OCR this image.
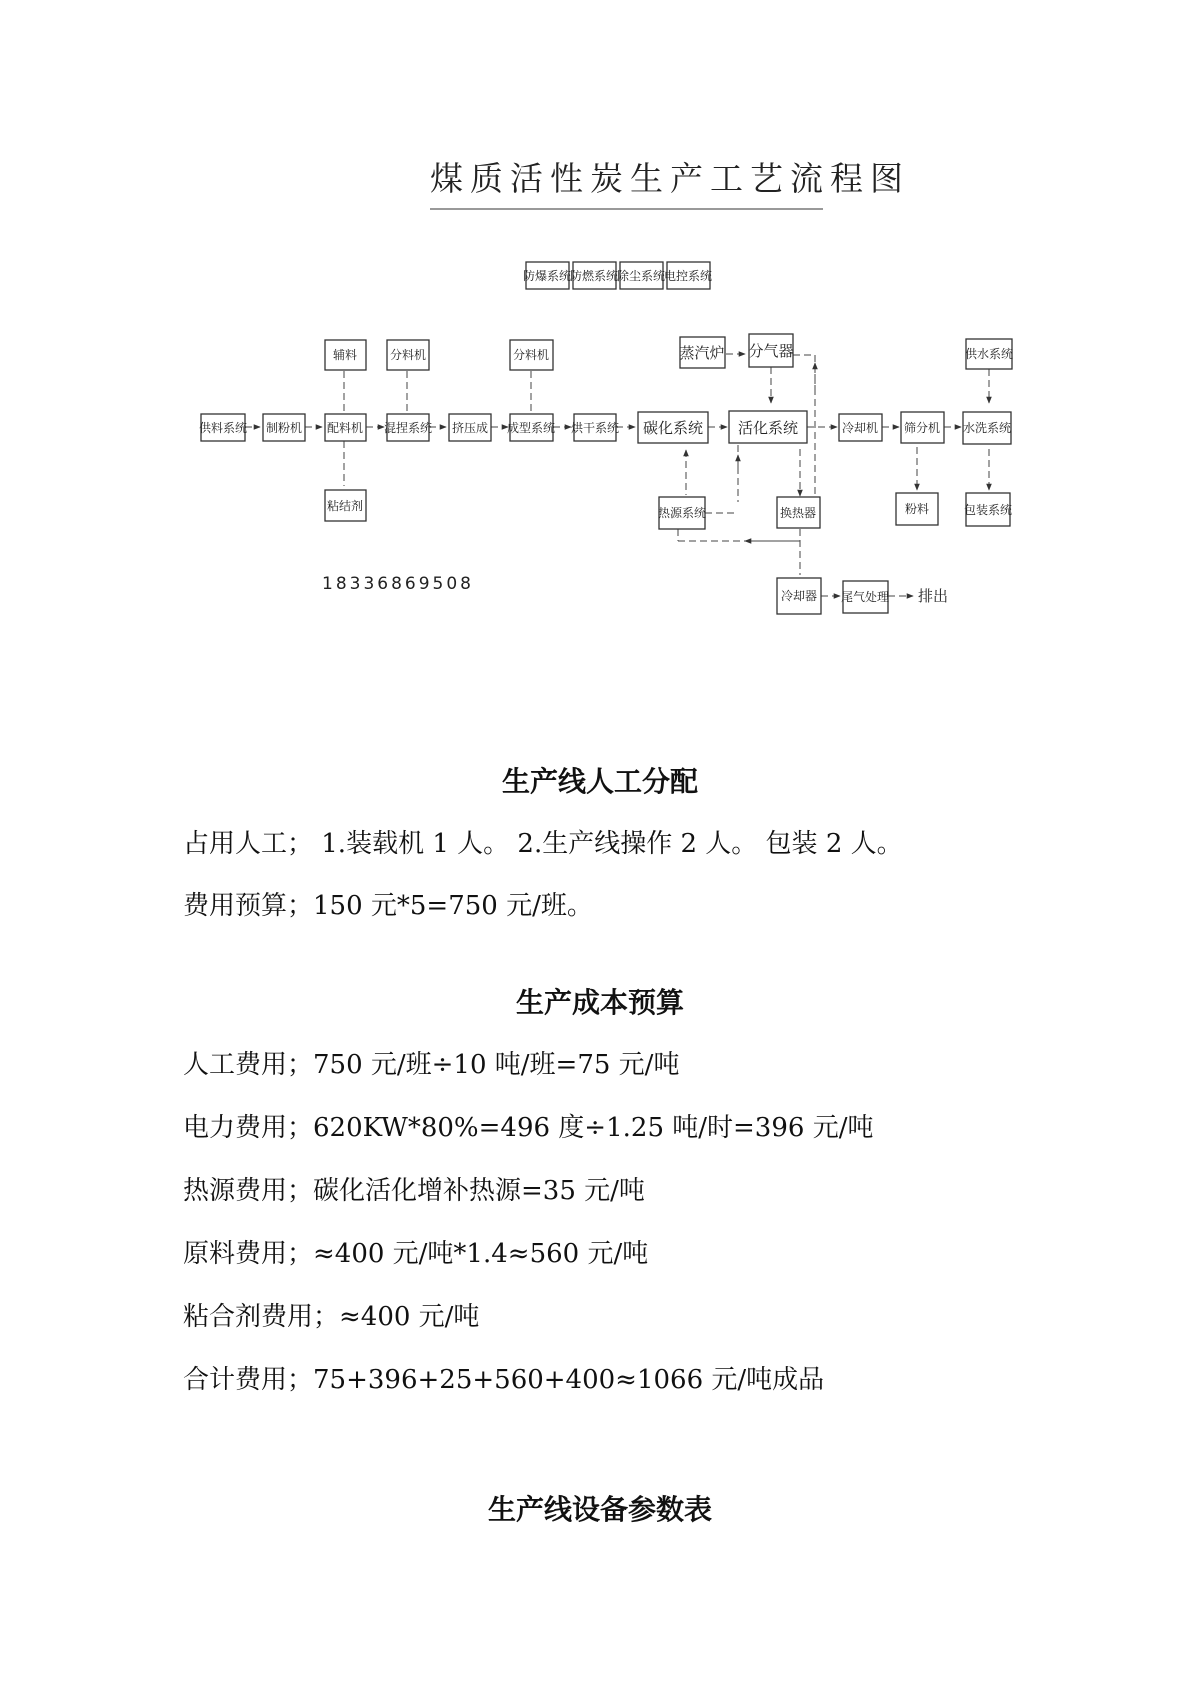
煤质活性炭生产工艺流程图
防爆系统
防燃系统
除尘系统
电控系统
供料系统 制粉机 配料机 混捏系统 挤压成 成型系统 烘干系统 碳化系统 活化系统	冷却机 筛分机 水洗系统
辅料
粘结剂
分料机	分料机	蒸汽炉 分气器	供水系统
热源系统	换热器	粉料	包装系统
冷却器 尾气处理 排出
18336869508
生产线人工分配

占用人工； 1.装载机 1 人。 2.生产线操作 2 人。 包装 2 人。

费用预算；150 元*5=750 元/班。

生产成本预算

人工费用；750 元/班÷10 吨/班=75 元/吨

电力费用；620KW*80%=496 度÷1.25 吨/时=396 元/吨

热源费用；碳化活化增补热源=35 元/吨

原料费用；≈400 元/吨*1.4≈560 元/吨

粘合剂费用；≈400 元/吨

合计费用；75+396+25+560+400≈1066 元/吨成品

生产线设备参数表
